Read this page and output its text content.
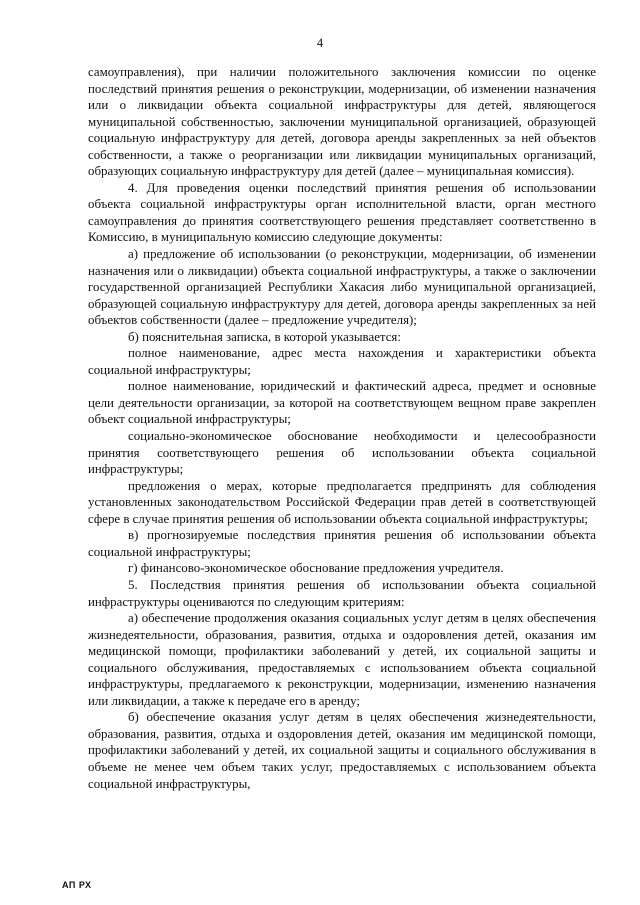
4

самоуправления), при наличии положительного заключения комиссии по оценке последствий принятия решения о реконструкции, модернизации, об изменении назначения или о ликвидации объекта социальной инфраструктуры для детей, являющегося муниципальной собственностью, заключении муниципальной организацией, образующей социальную инфраструктуру для детей, договора аренды закрепленных за ней объектов собственности, а также о реорганизации или ликвидации муниципальных организаций, образующих социальную инфраструктуру для детей (далее – муниципальная комиссия).

4. Для проведения оценки последствий принятия решения об использовании объекта социальной инфраструктуры орган исполнительной власти, орган местного самоуправления до принятия соответствующего решения представляет соответственно в Комиссию, в муниципальную комиссию следующие документы:

а) предложение об использовании (о реконструкции, модернизации, об изменении назначения или о ликвидации) объекта социальной инфраструктуры, а также о заключении государственной организацией Республики Хакасия либо муниципальной организацией, образующей социальную инфраструктуру для детей, договора аренды закрепленных за ней объектов собственности (далее – предложение учредителя);

б) пояснительная записка, в которой указывается:

полное наименование, адрес места нахождения и характеристики объекта социальной инфраструктуры;

полное наименование, юридический и фактический адреса, предмет и основные цели деятельности организации, за которой на соответствующем вещном праве закреплен объект социальной инфраструктуры;

социально-экономическое обоснование необходимости и целесообразности принятия соответствующего решения об использовании объекта социальной инфраструктуры;

предложения о мерах, которые предполагается предпринять для соблюдения установленных законодательством Российской Федерации прав детей в соответствующей сфере в случае принятия решения об использовании объекта социальной инфраструктуры;

в) прогнозируемые последствия принятия решения об использовании объекта социальной инфраструктуры;

г) финансово-экономическое обоснование предложения учредителя.

5. Последствия принятия решения об использовании объекта социальной инфраструктуры оцениваются по следующим критериям:

а) обеспечение продолжения оказания социальных услуг детям в целях обеспечения жизнедеятельности, образования, развития, отдыха и оздоровления детей, оказания им медицинской помощи, профилактики заболеваний у детей, их социальной защиты и социального обслуживания, предоставляемых с использованием объекта социальной инфраструктуры, предлагаемого к реконструкции, модернизации, изменению назначения или ликвидации, а также к передаче его в аренду;

б) обеспечение оказания услуг детям в целях обеспечения жизнедеятельности, образования, развития, отдыха и оздоровления детей, оказания им медицинской помощи, профилактики заболеваний у детей, их социальной защиты и социального обслуживания в объеме не менее чем объем таких услуг, предоставляемых с использованием объекта социальной инфраструктуры,

АП РХ
